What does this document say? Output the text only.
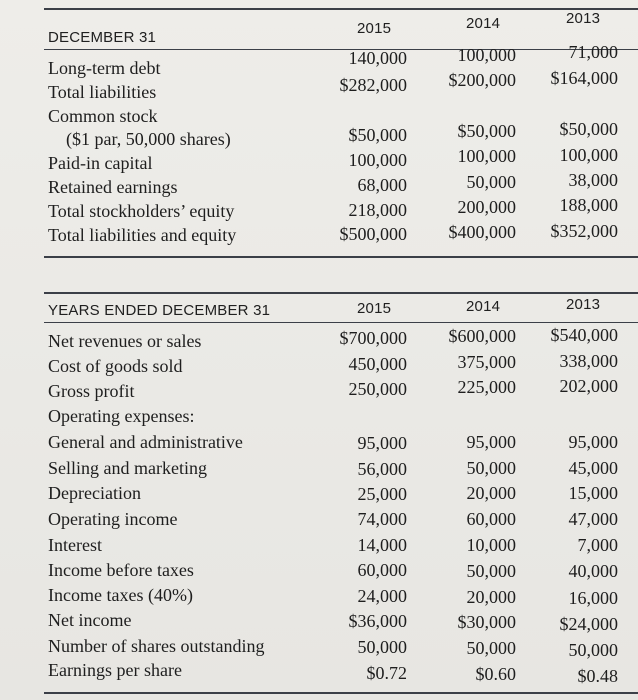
DECEMBER 31
2015	2014	2013
Long-term debt	140,000	100,000	71,000
Total liabilities	$282,000 $200,000 $164,000
Common stock
($1 par, 50,000 shares)	$50,000	$50,000 $50,000
Paid-in capital	100,000	100,000 100,000
Retained earnings	68,000	50,000	38,000
Total stockholders’ equity	218,000	200,000 188,000
Total liabilities and equity	$500,000 $400,000 $352,000
YEARS ENDED DECEMBER 31	2015	2014	2013
Net revenues or sales	$700,000 $600,000 $540,000
Cost of goods sold	450,000	375,000 338,000
Gross profit	250,000	225,000 202,000
Operating expenses:
General and administrative	95,000	95,000	95,000
Selling and marketing	56,000	50,000	45,000
Depreciation	25,000	20,000	15,000
Operating income	74,000	60,000	47,000
Interest	14,000	10,000	7,000
Income before taxes	60,000	50,000	40,000
Income taxes (40%)	24,000	20,000	16,000
Net income	$36,000	$30,000 $24,000
Number of shares outstanding	50,000	50,000	50,000
Earnings per share	$0.72	$0.60	$0.48
